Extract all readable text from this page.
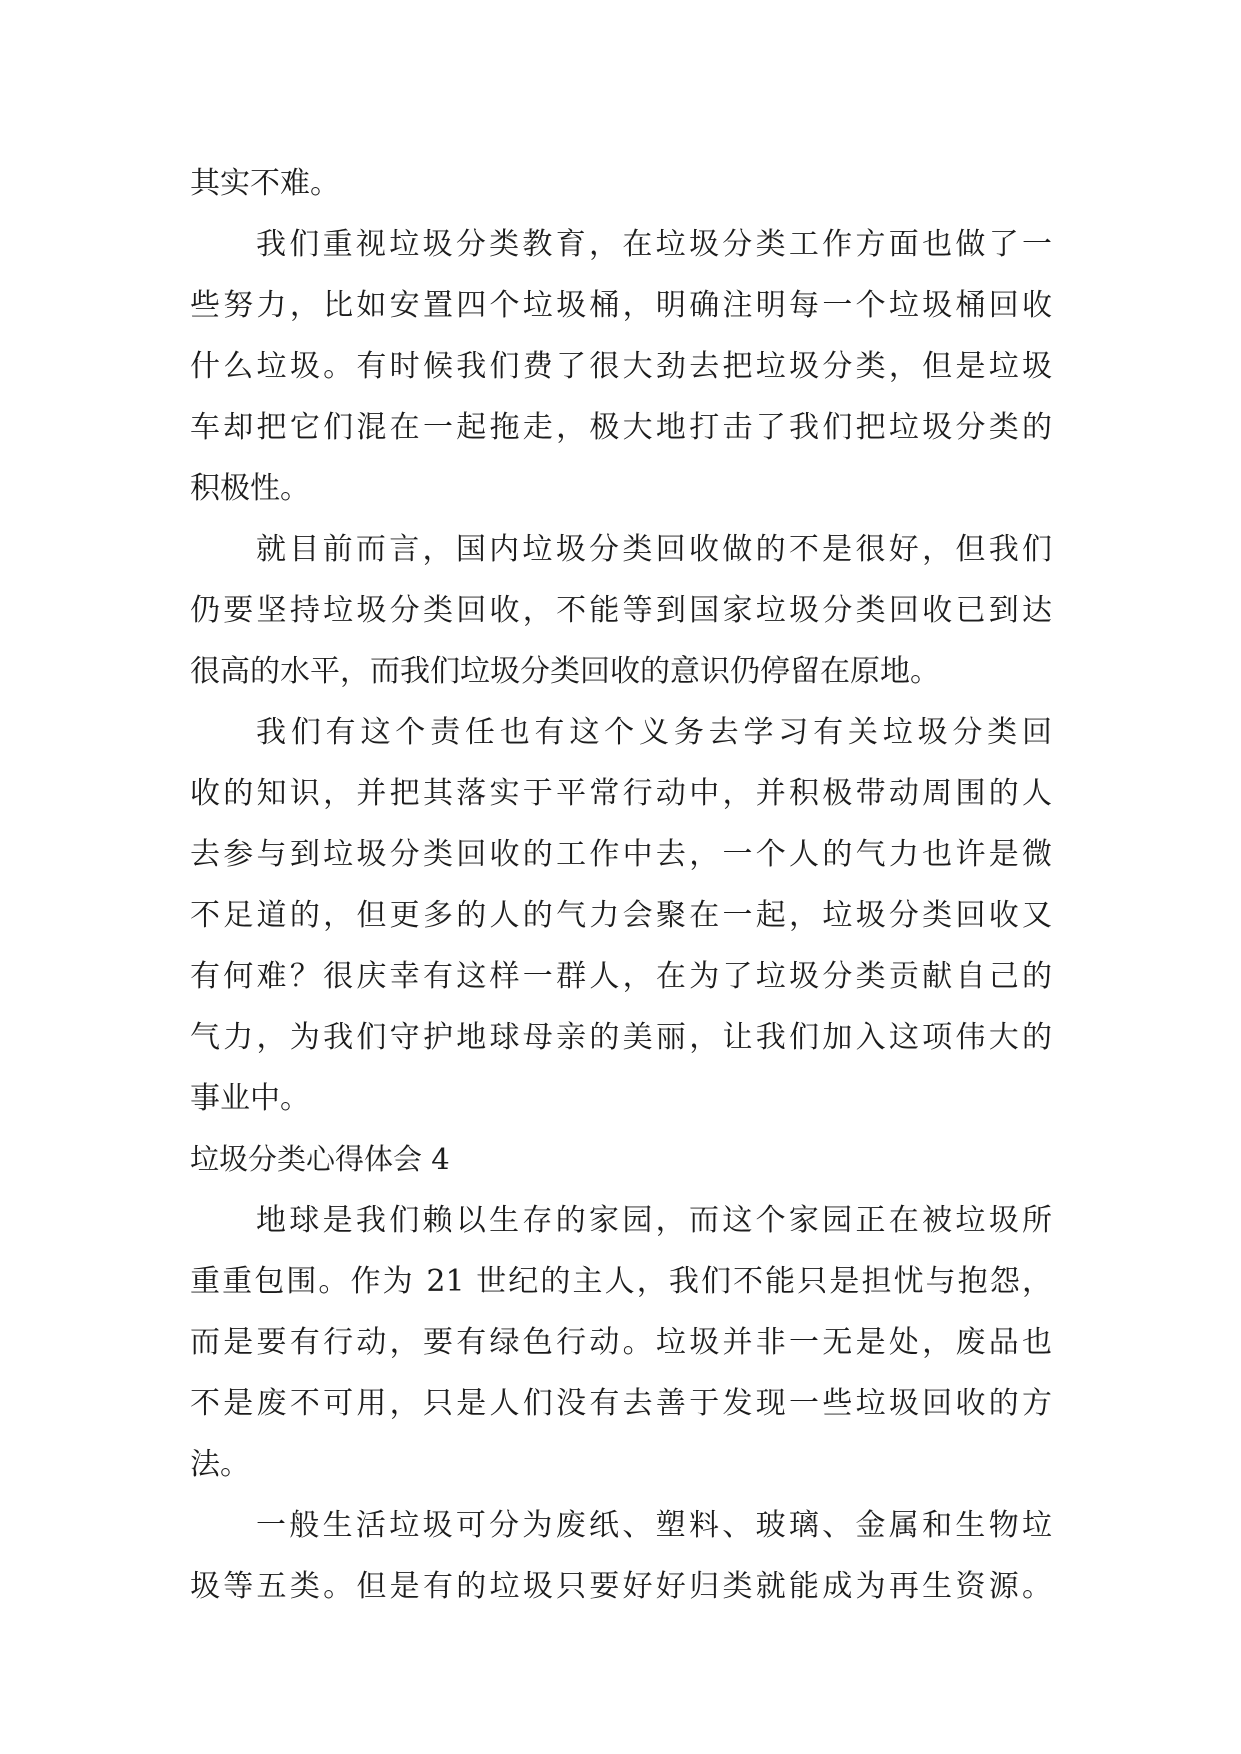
其实不难。
我们重视垃圾分类教育，在垃圾分类工作方面也做了一
些努力，比如安置四个垃圾桶，明确注明每一个垃圾桶回收
什么垃圾。有时候我们费了很大劲去把垃圾分类，但是垃圾
车却把它们混在一起拖走，极大地打击了我们把垃圾分类的
积极性。
就目前而言，国内垃圾分类回收做的不是很好，但我们
仍要坚持垃圾分类回收，不能等到国家垃圾分类回收已到达
很高的水平，而我们垃圾分类回收的意识仍停留在原地。
我们有这个责任也有这个义务去学习有关垃圾分类回
收的知识，并把其落实于平常行动中，并积极带动周围的人
去参与到垃圾分类回收的工作中去，一个人的气力也许是微
不足道的，但更多的人的气力会聚在一起，垃圾分类回收又
有何难？很庆幸有这样一群人，在为了垃圾分类贡献自己的
气力，为我们守护地球母亲的美丽，让我们加入这项伟大的
事业中。
垃圾分类心得体会 4
地球是我们赖以生存的家园，而这个家园正在被垃圾所
重重包围。作为 21 世纪的主人，我们不能只是担忧与抱怨，
而是要有行动，要有绿色行动。垃圾并非一无是处，废品也
不是废不可用，只是人们没有去善于发现一些垃圾回收的方
法。
一般生活垃圾可分为废纸、塑料、玻璃、金属和生物垃
圾等五类。但是有的垃圾只要好好归类就能成为再生资源。
